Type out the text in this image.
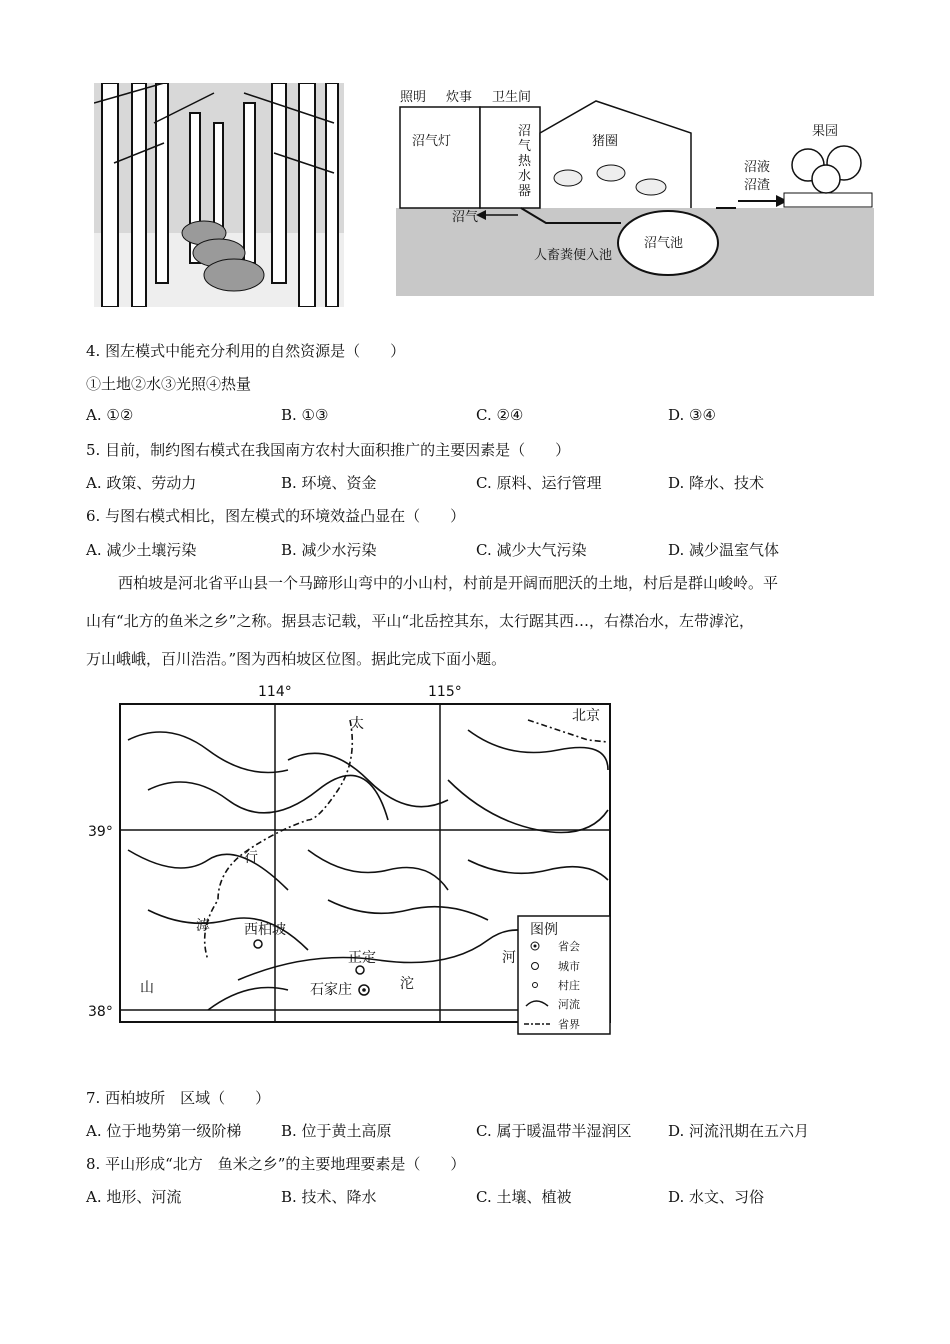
照明 炊事 卫生间
沼气灯
沼
气
热
水
器
猪圈
果园
沼液
沼渣
沼气
人畜粪便入池
沼气池
4. 图左模式中能充分利用的自然资源是（　　）
①土地②水③光照④热量
A. ①②	B. ①③	C. ②④	D. ③④
5. 目前，制约图右模式在我国南方农村大面积推广的主要因素是（　　）
A. 政策、劳动力	B. 环境、资金	C. 原料、运行管理	D. 降水、技术
6. 与图右模式相比，图左模式的环境效益凸显在（　　）
A. 减少土壤污染	B. 减少水污染	C. 减少大气污染	D. 减少温室气体
西柏坡是河北省平山县一个马蹄形山弯中的小山村，村前是开阔而肥沃的土地，村后是群山峻岭。平
山有“北方的鱼米之乡”之称。据县志记载，平山“北岳控其东，太行踞其西…，右襟冶水，左带滹沱，
万山峨峨，百川浩浩。”图为西柏坡区位图。据此完成下面小题。
114°	115°
39°
38°
北京
太
行
山
滹
沱
河
西柏坡
正定
石家庄
图例
省会
城市
村庄
河流
省界
7. 西柏坡所　区域（　　）
A. 位于地势第一级阶梯	B. 位于黄土高原	C. 属于暖温带半湿润区 D. 河流汛期在五六月
8. 平山形成“北方　鱼米之乡”的主要地理要素是（　　）
A. 地形、河流	B. 技术、降水	C. 土壤、植被	D. 水文、习俗
